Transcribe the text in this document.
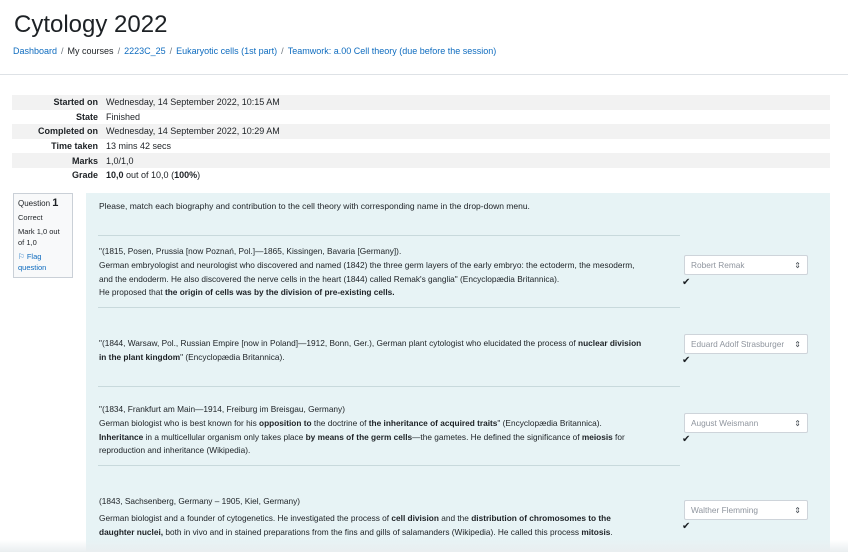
Cytology 2022
Dashboard / My courses / 2223C_25 / Eukaryotic cells (1st part) / Teamwork: a.00 Cell theory (due before the session)
Started on	Wednesday, 14 September 2022, 10:15 AM
State	Finished
Completed on	Wednesday, 14 September 2022, 10:29 AM
Time taken	13 mins 42 secs
Marks	1,0/1,0
Grade	10,0 out of 10,0 (100%)
Question 1
Correct
Mark 1,0 out of 1,0
⚐ Flag question
Please, match each biography and contribution to the cell theory with corresponding name in the drop-down menu.
"(1815, Posen, Prussia [now Poznań, Pol.]—1865, Kissingen, Bavaria [Germany]).
German embryologist and neurologist who discovered and named (1842) the three germ layers of the early embryo: the ectoderm, the mesoderm,
and the endoderm. He also discovered the nerve cells in the heart (1844) called Remak's ganglia" (Encyclopædia Britannica).
He proposed that the origin of cells was by the division of pre-existing cells.
Robert Remak	⇕
✔
"(1844, Warsaw, Pol., Russian Empire [now in Poland]—1912, Bonn, Ger.), German plant cytologist who elucidated the process of nuclear division
in the plant kingdom" (Encyclopædia Britannica).
Eduard Adolf Strasburger ⇕
✔
"(1834, Frankfurt am Main—1914, Freiburg im Breisgau, Germany)
German biologist who is best known for his opposition to the doctrine of the inheritance of acquired traits" (Encyclopædia Britannica).
Inheritance in a multicellular organism only takes place by means of the germ cells—the gametes. He defined the significance of meiosis for
reproduction and inheritance (Wikipedia).
August Weismann	⇕
✔
(1843, Sachsenberg, Germany – 1905, Kiel, Germany)
German biologist and a founder of cytogenetics. He investigated the process of cell division and the distribution of chromosomes to the
daughter nuclei, both in vivo and in stained preparations from the fins and gills of salamanders (Wikipedia). He called this process mitosis.
Walther Flemming	⇕
✔
